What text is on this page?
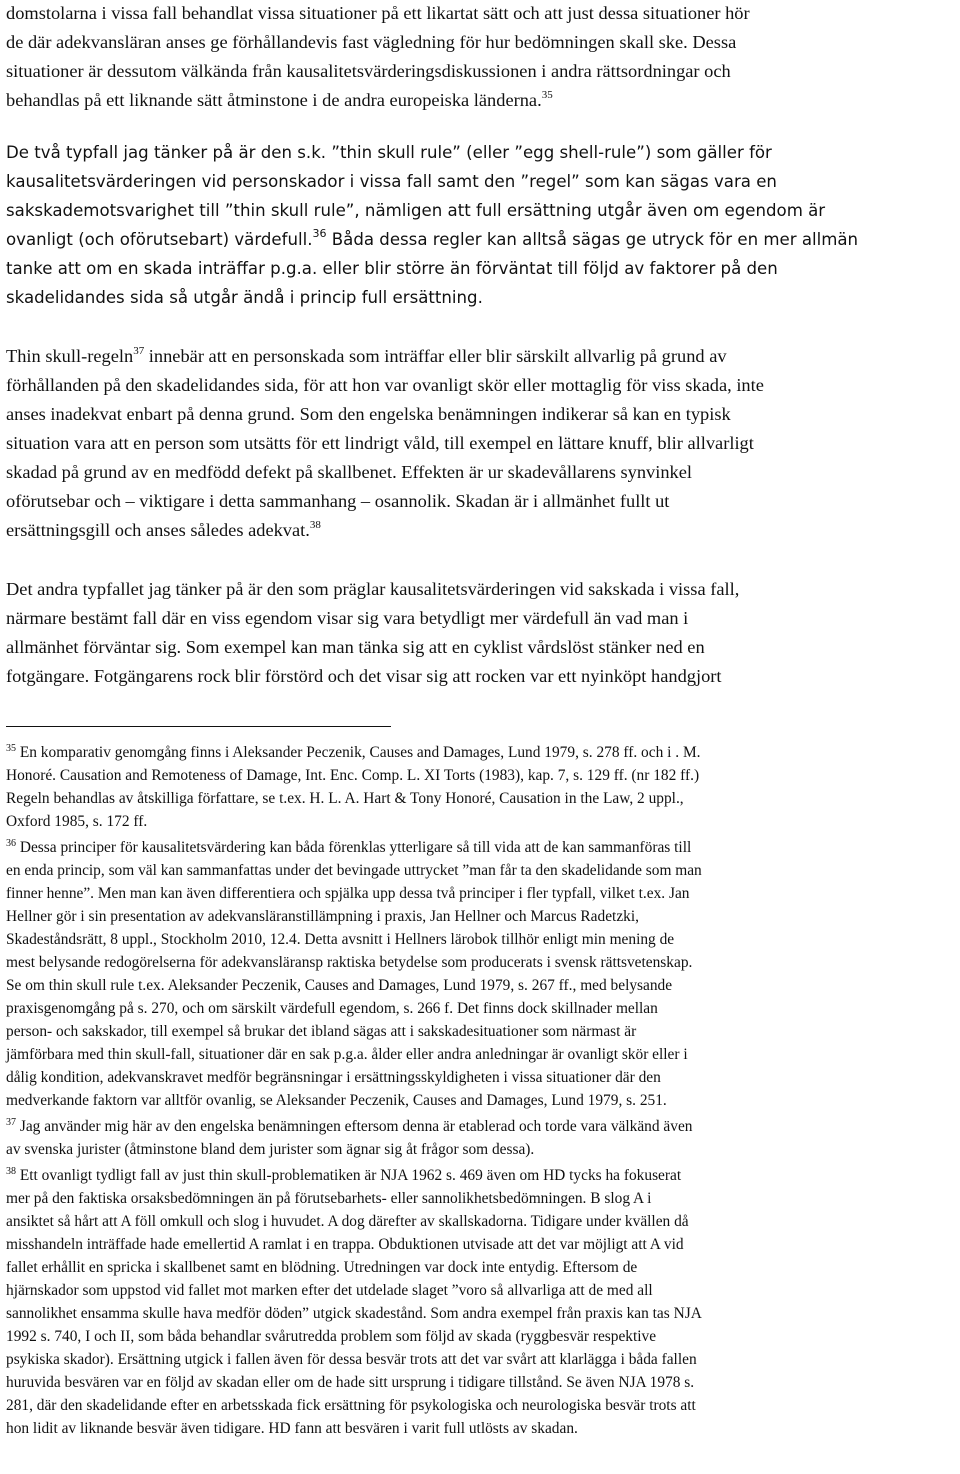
domstolarna i vissa fall behandlat vissa situationer på ett likartat sätt och att just dessa situationer hör
de där adekvansläran anses ge förhållandevis fast vägledning för hur bedömningen skall ske. Dessa
situationer är dessutom välkända från kausalitetsvärderingsdiskussionen i andra rättsordningar och
behandlas på ett liknande sätt åtminstone i de andra europeiska länderna.$^{35}$
De två typfall jag tänker på är den s.k. ”thin skull rule” (eller ”egg shell-rule”) som gäller för
kausalitetsvärderingen vid personskador i vissa fall samt den ”regel” som kan sägas vara en
sakskademotsvarighet till ”thin skull rule”, nämligen att full ersättning utgår även om egendom är
ovanligt (och oförutsebart) värdefull.$^{36}$ Båda dessa regler kan alltså sägas ge utryck för en mer allmän
tanke att om en skada inträffar p.g.a. eller blir större än förväntat till följd av faktorer på den
skadelidandes sida så utgår ändå i princip full ersättning.
Thin skull-regeln$^{37}$ innebär att en personskada som inträffar eller blir särskilt allvarlig på grund av
förhållanden på den skadelidandes sida, för att hon var ovanligt skör eller mottaglig för viss skada, inte
anses inadekvat enbart på denna grund. Som den engelska benämningen indikerar så kan en typisk
situation vara att en person som utsätts för ett lindrigt våld, till exempel en lättare knuff, blir allvarligt
skadad på grund av en medfödd defekt på skallbenet. Effekten är ur skadevållarens synvinkel
oförutsebar och – viktigare i detta sammanhang – osannolik. Skadan är i allmänhet fullt ut
ersättningsgill och anses således adekvat.$^{38}$
Det andra typfallet jag tänker på är den som präglar kausalitetsvärderingen vid sakskada i vissa fall,
närmare bestämt fall där en viss egendom visar sig vara betydligt mer värdefull än vad man i
allmänhet förväntar sig. Som exempel kan man tänka sig att en cyklist vårdslöst stänker ned en
fotgängare. Fotgängarens rock blir förstörd och det visar sig att rocken var ett nyinköpt handgjort
$^{35}$ En komparativ genomgång finns i Aleksander Peczenik, Causes and Damages, Lund 1979, s. 278 ff. och i . M.
Honoré. Causation and Remoteness of Damage, Int. Enc. Comp. L. XI Torts (1983), kap. 7, s. 129 ff. (nr 182 ff.)
Regeln behandlas av åtskilliga författare, se t.ex. H. L. A. Hart & Tony Honoré, Causation in the Law, 2 uppl.,
Oxford 1985, s. 172 ff.
$^{36}$ Dessa principer för kausalitetsvärdering kan båda förenklas ytterligare så till vida att de kan sammanföras till
en enda princip, som väl kan sammanfattas under det bevingade uttrycket ”man får ta den skadelidande som man
finner henne”. Men man kan även differentiera och spjälka upp dessa två principer i fler typfall, vilket t.ex. Jan
Hellner gör i sin presentation av adekvansläranstillämpning i praxis, Jan Hellner och Marcus Radetzki,
Skadeståndsrätt, 8 uppl., Stockholm 2010, 12.4. Detta avsnitt i Hellners lärobok tillhör enligt min mening de
mest belysande redogörelserna för adekvansläransp raktiska betydelse som producerats i svensk rättsvetenskap.
Se om thin skull rule t.ex. Aleksander Peczenik, Causes and Damages, Lund 1979, s. 267 ff., med belysande
praxisgenomgång på s. 270, och om särskilt värdefull egendom, s. 266 f. Det finns dock skillnader mellan
person- och sakskador, till exempel så brukar det ibland sägas att i sakskadesituationer som närmast är
jämförbara med thin skull-fall, situationer där en sak p.g.a. ålder eller andra anledningar är ovanligt skör eller i
dålig kondition, adekvanskravet medför begränsningar i ersättningsskyldigheten i vissa situationer där den
medverkande faktorn var alltför ovanlig, se Aleksander Peczenik, Causes and Damages, Lund 1979, s. 251.
$^{37}$ Jag använder mig här av den engelska benämningen eftersom denna är etablerad och torde vara välkänd även
av svenska jurister (åtminstone bland dem jurister som ägnar sig åt frågor som dessa).
$^{38}$ Ett ovanligt tydligt fall av just thin skull-problematiken är NJA 1962 s. 469 även om HD tycks ha fokuserat
mer på den faktiska orsaksbedömningen än på förutsebarhets- eller sannolikhetsbedömningen. B slog A i
ansiktet så hårt att A föll omkull och slog i huvudet. A dog därefter av skallskadorna. Tidigare under kvällen då
misshandeln inträffade hade emellertid A ramlat i en trappa. Obduktionen utvisade att det var möjligt att A vid
fallet erhållit en spricka i skallbenet samt en blödning. Utredningen var dock inte entydig. Eftersom de
hjärnskador som uppstod vid fallet mot marken efter det utdelade slaget ”voro så allvarliga att de med all
sannolikhet ensamma skulle hava medför döden” utgick skadestånd. Som andra exempel från praxis kan tas NJA
1992 s. 740, I och II, som båda behandlar svårutredda problem som följd av skada (ryggbesvär respektive
psykiska skador). Ersättning utgick i fallen även för dessa besvär trots att det var svårt att klarlägga i båda fallen
huruvida besvären var en följd av skadan eller om de hade sitt ursprung i tidigare tillstånd. Se även NJA 1978 s.
281, där den skadelidande efter en arbetsskada fick ersättning för psykologiska och neurologiska besvär trots att
hon lidit av liknande besvär även tidigare. HD fann att besvären i varit full utlösts av skadan.
